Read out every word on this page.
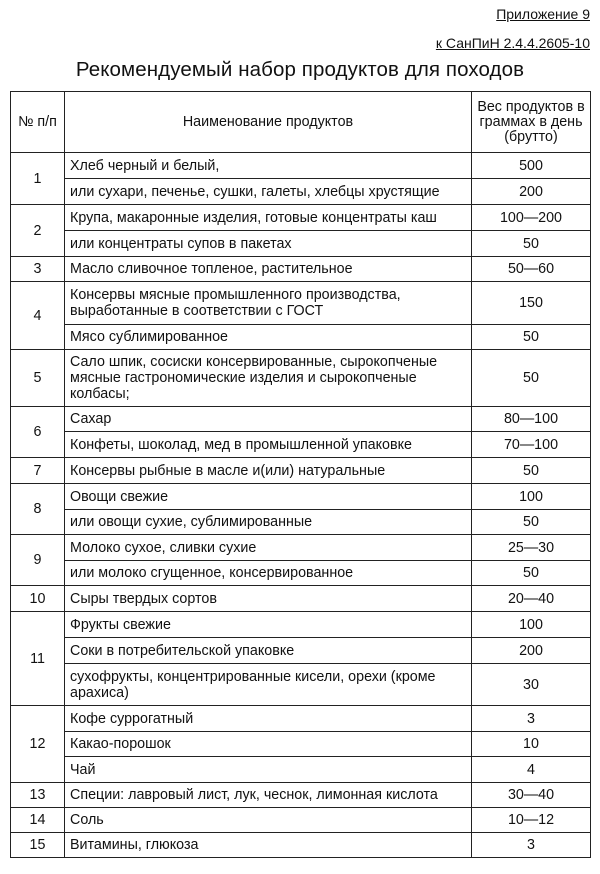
Приложение 9

к СанПиН 2.4.4.2605-10

Рекомендуемый набор продуктов для походов
№ п/п	Наименование продуктов	Вес продуктов в граммах в день (брутто)
1	Хлеб черный и белый,	500
	или сухари, печенье, сушки, галеты, хлебцы хрустящие	200
2	Крупа, макаронные изделия, готовые концентраты каш	100—200
	или концентраты супов в пакетах	50
3	Масло сливочное топленое, растительное	50—60
4	Консервы мясные промышленного производства, выработанные в соответствии с ГОСТ	150
	Мясо сублимированное	50
5	Сало шпик, сосиски консервированные, сырокопченые мясные гастрономические изделия и сырокопченые колбасы;	50
6	Сахар	80—100
	Конфеты, шоколад, мед в промышленной упаковке	70—100
7	Консервы рыбные в масле и(или) натуральные	50
8	Овощи свежие	100
	или овощи сухие, сублимированные	50
9	Молоко сухое, сливки сухие	25—30
	или молоко сгущенное, консервированное	50
10	Сыры твердых сортов	20—40
11	Фрукты свежие	100
	Соки в потребительской упаковке	200
	сухофрукты, концентрированные кисели, орехи (кроме арахиса)	30
12	Кофе суррогатный	3
	Какао-порошок	10
	Чай	4
13	Специи: лавровый лист, лук, чеснок, лимонная кислота	30—40
14	Соль	10—12
15	Витамины, глюкоза	3
